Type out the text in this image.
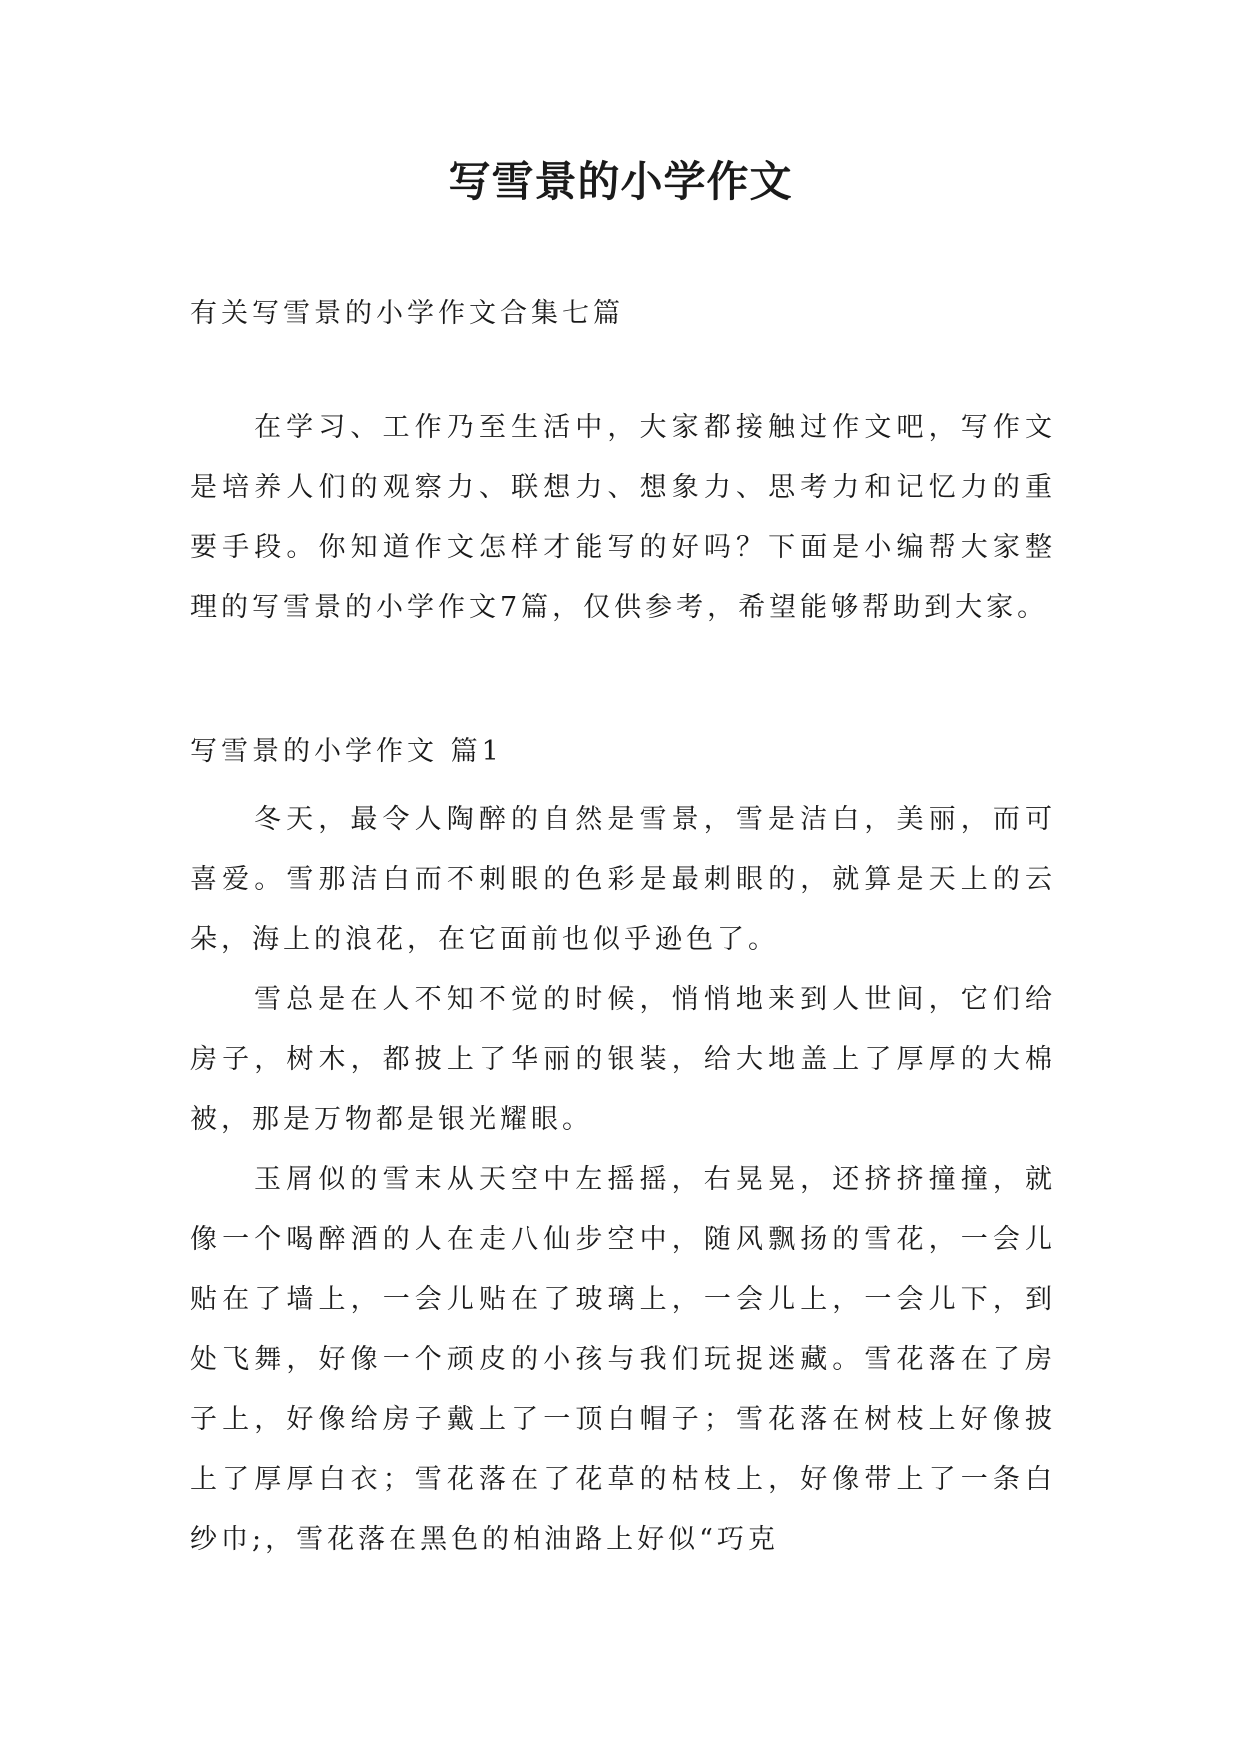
写雪景的小学作文

有关写雪景的小学作文合集七篇

在学习、工作乃至生活中，大家都接触过作文吧，写作文是培养人们的观察力、联想力、想象力、思考力和记忆力的重要手段。你知道作文怎样才能写的好吗？下面是小编帮大家整理的写雪景的小学作文7篇，仅供参考，希望能够帮助到大家。

写雪景的小学作文 篇1

冬天，最令人陶醉的自然是雪景，雪是洁白，美丽，而可喜爱。雪那洁白而不刺眼的色彩是最刺眼的，就算是天上的云朵，海上的浪花，在它面前也似乎逊色了。

雪总是在人不知不觉的时候，悄悄地来到人世间，它们给房子，树木，都披上了华丽的银装，给大地盖上了厚厚的大棉被，那是万物都是银光耀眼。

玉屑似的雪末从天空中左摇摇，右晃晃，还挤挤撞撞，就像一个喝醉酒的人在走八仙步空中，随风飘扬的雪花，一会儿贴在了墙上，一会儿贴在了玻璃上，一会儿上，一会儿下，到处飞舞，好像一个顽皮的小孩与我们玩捉迷藏。雪花落在了房子上，好像给房子戴上了一顶白帽子；雪花落在树枝上好像披上了厚厚白衣；雪花落在了花草的枯枝上，好像带上了一条白纱巾;，雪花落在黑色的柏油路上好似“巧克
